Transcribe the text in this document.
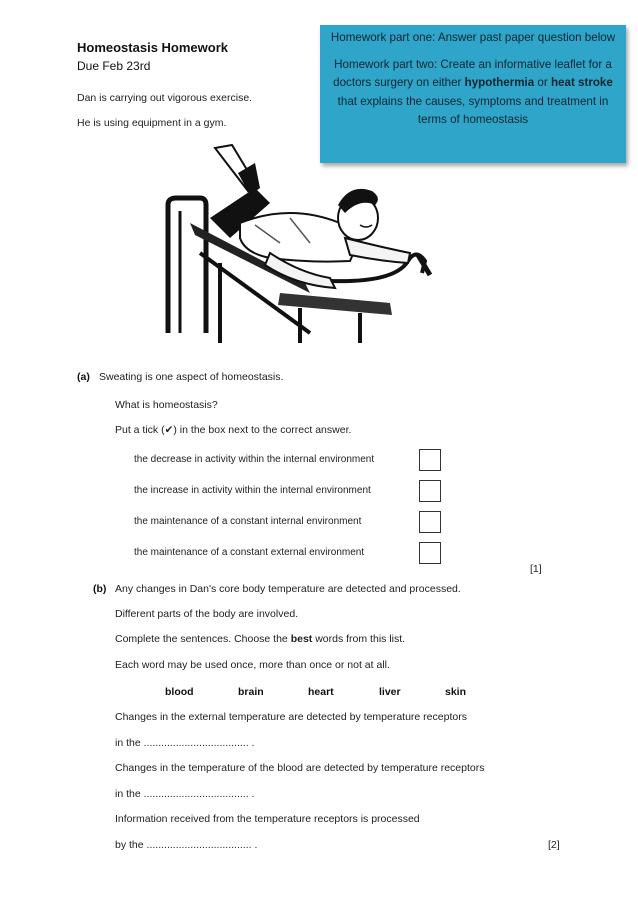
Homeostasis Homework
Due Feb 23rd

Homework part one: Answer past paper question below

Homework part two: Create an informative leaflet for a doctors surgery on either hypothermia or heat stroke that explains the causes, symptoms and treatment in terms of homeostasis

Dan is carrying out vigorous exercise.
He is using equipment in a gym.
(a) Sweating is one aspect of homeostasis.
What is homeostasis?
Put a tick (✔) in the box next to the correct answer.
the decrease in activity within the internal environment
the increase in activity within the internal environment
the maintenance of a constant internal environment
the maintenance of a constant external environment
[1]
(b) Any changes in Dan's core body temperature are detected and processed.
Different parts of the body are involved.
Complete the sentences. Choose the best words from this list.
Each word may be used once, more than once or not at all.
blood	brain	heart	liver	skin
Changes in the external temperature are detected by temperature receptors
in the .................................... .
Changes in the temperature of the blood are detected by temperature receptors
in the .................................... .
Information received from the temperature receptors is processed
by the .................................... .	[2]
